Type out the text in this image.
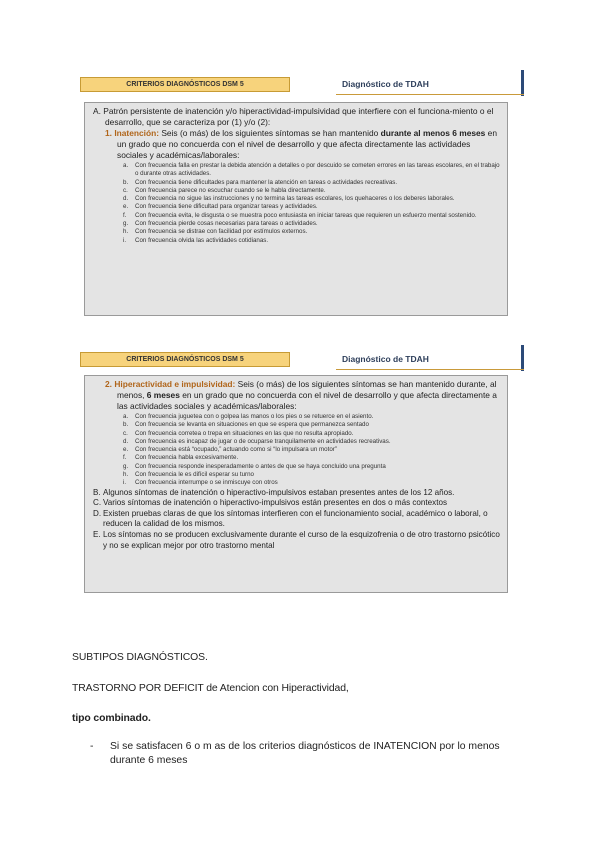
CRITERIOS DIAGNÓSTICOS DSM 5	Diagnóstico de TDAH
A. Patrón persistente de inatención y/o hiperactividad-impulsividad que interfiere con el funciona-miento o el desarrollo, que se caracteriza por (1) y/o (2):
1. Inatención: Seis (o más) de los siguientes síntomas se han mantenido durante al menos 6 meses en un grado que no concuerda con el nivel de desarrollo y que afecta directamente las actividades sociales y académicas/laborales:
a.	Con frecuencia falla en prestar la debida atención a detalles o por descuido se cometen errores en las tareas escolares, en el trabajo o durante otras actividades.
b.	Con frecuencia tiene dificultades para mantener la atención en tareas o actividades recreativas.
c.	Con frecuencia parece no escuchar cuando se le habla directamente.
d.	Con frecuencia no sigue las instrucciones y no termina las tareas escolares, los quehaceres o los deberes laborales.
e.	Con frecuencia tiene dificultad para organizar tareas y actividades.
f.	Con frecuencia evita, le disgusta o se muestra poco entusiasta en iniciar tareas que requieren un esfuerzo mental sostenido.
g.	Con frecuencia pierde cosas necesarias para tareas o actividades.
h.	Con frecuencia se distrae con facilidad por estímulos externos.
i.	Con frecuencia olvida las actividades cotidianas.
CRITERIOS DIAGNÓSTICOS DSM 5	Diagnóstico de TDAH
2. Hiperactividad e impulsividad: Seis (o más) de los siguientes síntomas se han mantenido durante, al menos, 6 meses en un grado que no concuerda con el nivel de desarrollo y que afecta directamente a las actividades sociales y académicas/laborales:
a.	Con frecuencia juguetea con o golpea las manos o los pies o se retuerce en el asiento.
b.	Con frecuencia se levanta en situaciones en que se espera que permanezca sentado
c.	Con frecuencia corretea o trepa en situaciones en las que no resulta apropiado.
d.	Con frecuencia es incapaz de jugar o de ocuparse tranquilamente en actividades recreativas.
e.	Con frecuencia está “ocupado,” actuando como si “lo impulsara un motor”
f.	Con frecuencia habla excesivamente.
g.	Con frecuencia responde inesperadamente o antes de que se haya concluido una pregunta
h.	Con frecuencia le es difícil esperar su turno
i.	Con frecuencia interrumpe o se inmiscuye con otros
B. Algunos síntomas de inatención o hiperactivo-impulsivos estaban presentes antes de los 12 años.
C. Varios síntomas de inatención o hiperactivo-impulsivos están presentes en dos o más contextos
D. Existen pruebas claras de que los síntomas interfieren con el funcionamiento social, académico o laboral, o reducen la calidad de los mismos.
E. Los síntomas no se producen exclusivamente durante el curso de la esquizofrenia o de otro trastorno psicótico y no se explican mejor por otro trastorno mental
SUBTIPOS DIAGNÓSTICOS.
TRASTORNO POR DEFICIT de Atencion con Hiperactividad,
tipo combinado.
- Si se satisfacen 6 o m as de los criterios diagnósticos de INATENCION por lo menos durante 6 meses
